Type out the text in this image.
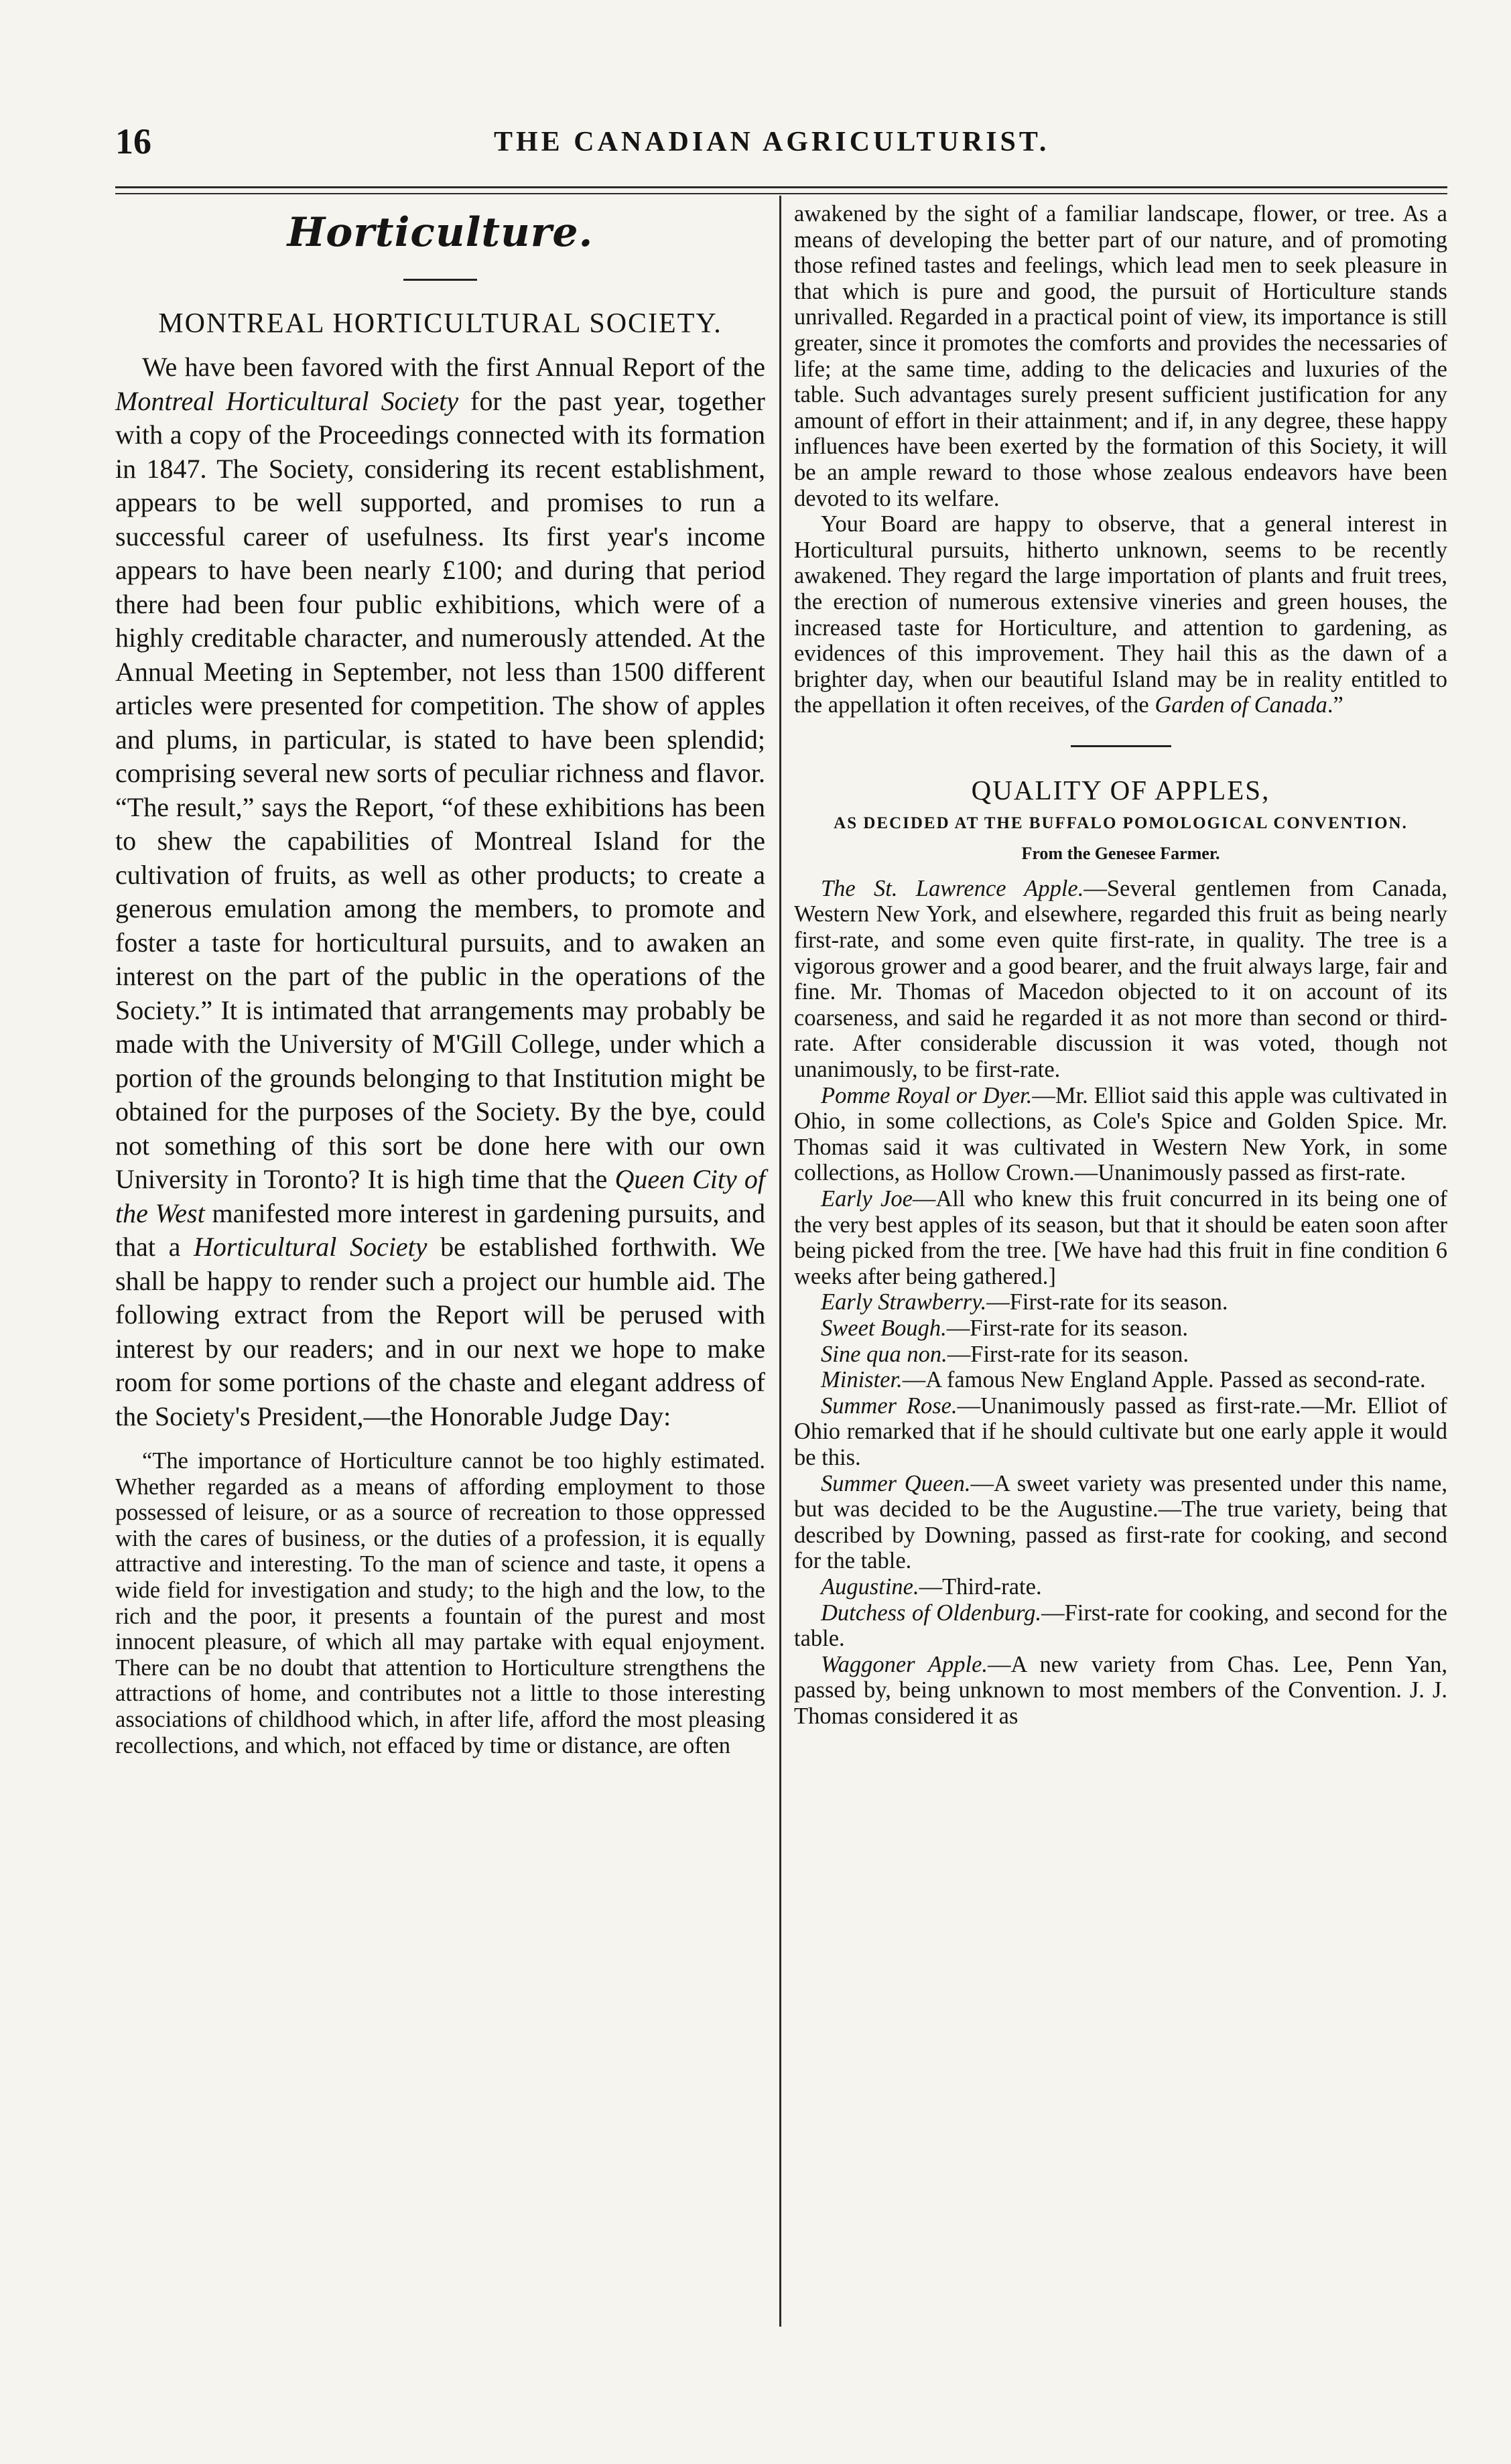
16	THE CANADIAN AGRICULTURIST.
Horticulture.
MONTREAL HORTICULTURAL SOCIETY.

We have been favored with the first Annual Report of the Montreal Horticultural Society for the past year, together with a copy of the Proceedings connected with its formation in 1847. The Society, considering its recent establishment, appears to be well supported, and promises to run a successful career of usefulness. Its first year's income appears to have been nearly £100; and during that period there had been four public exhibitions, which were of a highly creditable character, and numerously attended. At the Annual Meeting in September, not less than 1500 different articles were presented for competition. The show of apples and plums, in particular, is stated to have been splendid; comprising several new sorts of peculiar richness and flavor. “The result,” says the Report, “of these exhibitions has been to shew the capabilities of Montreal Island for the cultivation of fruits, as well as other products; to create a generous emulation among the members, to promote and foster a taste for horticultural pursuits, and to awaken an interest on the part of the public in the operations of the Society.” It is intimated that arrangements may probably be made with the University of M'Gill College, under which a portion of the grounds belonging to that Institution might be obtained for the purposes of the Society. By the bye, could not something of this sort be done here with our own University in Toronto? It is high time that the Queen City of the West manifested more interest in gardening pursuits, and that a Horticultural Society be established forthwith. We shall be happy to render such a project our humble aid. The following extract from the Report will be perused with interest by our readers; and in our next we hope to make room for some portions of the chaste and elegant address of the Society's President,—the Honorable Judge Day:

“The importance of Horticulture cannot be too highly estimated. Whether regarded as a means of affording employment to those possessed of leisure, or as a source of recreation to those oppressed with the cares of business, or the duties of a profession, it is equally attractive and interesting. To the man of science and taste, it opens a wide field for investigation and study; to the high and the low, to the rich and the poor, it presents a fountain of the purest and most innocent pleasure, of which all may partake with equal enjoyment. There can be no doubt that attention to Horticulture strengthens the attractions of home, and contributes not a little to those interesting associations of childhood which, in after life, afford the most pleasing recollections, and which, not effaced by time or distance, are often

awakened by the sight of a familiar landscape, flower, or tree. As a means of developing the better part of our nature, and of promoting those refined tastes and feelings, which lead men to seek pleasure in that which is pure and good, the pursuit of Horticulture stands unrivalled. Regarded in a practical point of view, its importance is still greater, since it promotes the comforts and provides the necessaries of life; at the same time, adding to the delicacies and luxuries of the table. Such advantages surely present sufficient justification for any amount of effort in their attainment; and if, in any degree, these happy influences have been exerted by the formation of this Society, it will be an ample reward to those whose zealous endeavors have been devoted to its welfare.

Your Board are happy to observe, that a general interest in Horticultural pursuits, hitherto unknown, seems to be recently awakened. They regard the large importation of plants and fruit trees, the erection of numerous extensive vineries and green houses, the increased taste for Horticulture, and attention to gardening, as evidences of this improvement. They hail this as the dawn of a brighter day, when our beautiful Island may be in reality entitled to the appellation it often receives, of the Garden of Canada.”

QUALITY OF APPLES,
AS DECIDED AT THE BUFFALO POMOLOGICAL CONVENTION.
From the Genesee Farmer.

The St. Lawrence Apple.—Several gentlemen from Canada, Western New York, and elsewhere, regarded this fruit as being nearly first-rate, and some even quite first-rate, in quality. The tree is a vigorous grower and a good bearer, and the fruit always large, fair and fine. Mr. Thomas of Macedon objected to it on account of its coarseness, and said he regarded it as not more than second or third-rate. After considerable discussion it was voted, though not unanimously, to be first-rate.

Pomme Royal or Dyer.—Mr. Elliot said this apple was cultivated in Ohio, in some collections, as Cole's Spice and Golden Spice. Mr. Thomas said it was cultivated in Western New York, in some collections, as Hollow Crown.—Unanimously passed as first-rate.

Early Joe—All who knew this fruit concurred in its being one of the very best apples of its season, but that it should be eaten soon after being picked from the tree. [We have had this fruit in fine condition 6 weeks after being gathered.]

Early Strawberry.—First-rate for its season.

Sweet Bough.—First-rate for its season.

Sine qua non.—First-rate for its season.

Minister.—A famous New England Apple. Passed as second-rate.

Summer Rose.—Unanimously passed as first-rate.—Mr. Elliot of Ohio remarked that if he should cultivate but one early apple it would be this.

Summer Queen.—A sweet variety was presented under this name, but was decided to be the Augustine.—The true variety, being that described by Downing, passed as first-rate for cooking, and second for the table.

Augustine.—Third-rate.

Dutchess of Oldenburg.—First-rate for cooking, and second for the table.

Waggoner Apple.—A new variety from Chas. Lee, Penn Yan, passed by, being unknown to most members of the Convention. J. J. Thomas considered it as
